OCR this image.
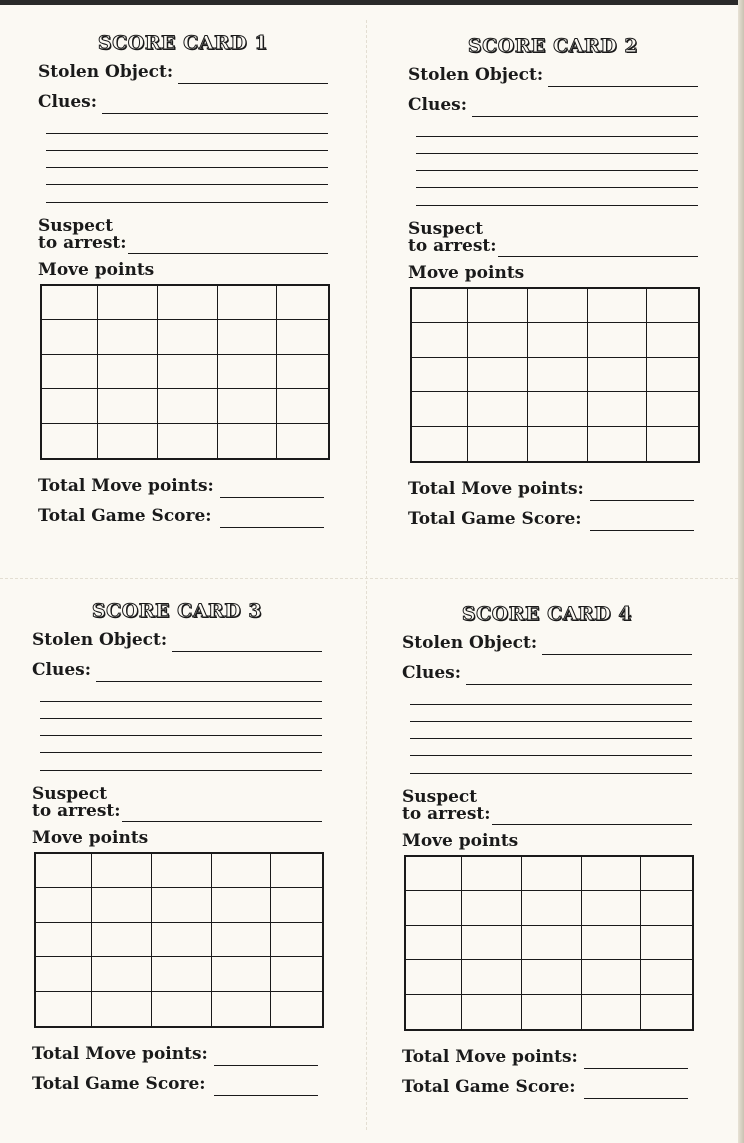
SCORE CARD 1
Stolen Object:
Clues:
Suspect
to arrest:
Move points
Total Move points:
Total Game Score:
SCORE CARD 2
Stolen Object:
Clues:
Suspect
to arrest:
Move points
Total Move points:
Total Game Score:
SCORE CARD 3
Stolen Object:
Clues:
Suspect
to arrest:
Move points
Total Move points:
Total Game Score:
SCORE CARD 4
Stolen Object:
Clues:
Suspect
to arrest:
Move points
Total Move points:
Total Game Score:
